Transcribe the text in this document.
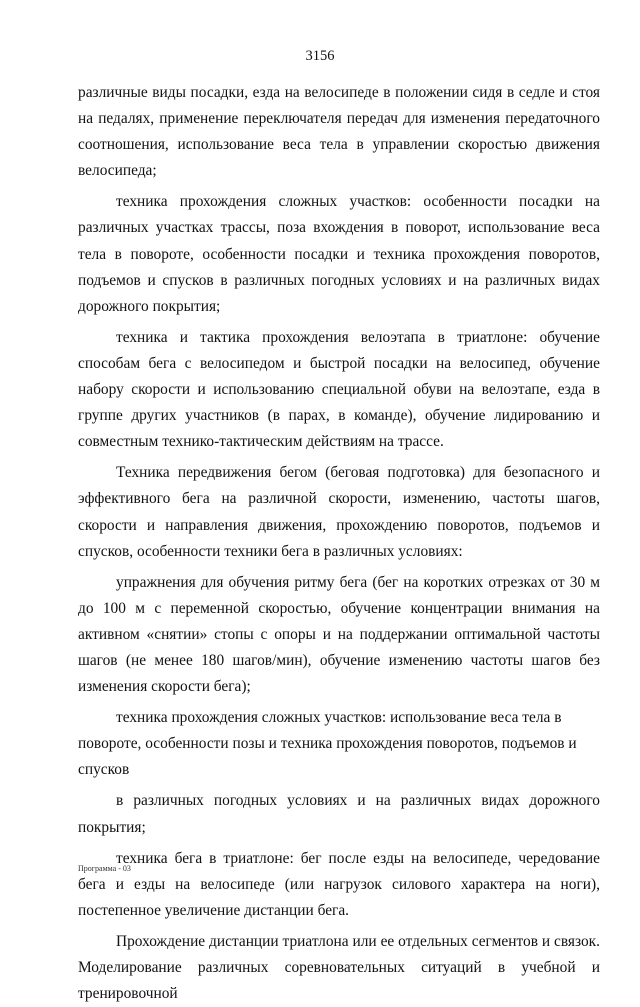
3156

различные виды посадки, езда на велосипеде в положении сидя в седле и стоя на педалях, применение переключателя передач для изменения передаточного соотношения, использование веса тела в управлении скоростью движения велосипеда;

техника прохождения сложных участков: особенности посадки на различных участках трассы, поза вхождения в поворот, использование веса тела в повороте, особенности посадки и техника прохождения поворотов, подъемов и спусков в различных погодных условиях и на различных видах дорожного покрытия;

техника и тактика прохождения велоэтапа в триатлоне: обучение способам бега с велосипедом и быстрой посадки на велосипед, обучение набору скорости и использованию специальной обуви на велоэтапе, езда в группе других участников (в парах, в команде), обучение лидированию и совместным технико-тактическим действиям на трассе.

Техника передвижения бегом (беговая подготовка) для безопасного и эффективного бега на различной скорости, изменению, частоты шагов, скорости и направления движения, прохождению поворотов, подъемов и спусков, особенности техники бега в различных условиях:

упражнения для обучения ритму бега (бег на коротких отрезках от 30 м до 100 м с переменной скоростью, обучение концентрации внимания на активном «снятии» стопы с опоры и на поддержании оптимальной частоты шагов (не менее 180 шагов/мин), обучение изменению частоты шагов без изменения скорости бега);

техника прохождения сложных участков: использование веса тела в повороте, особенности позы и техника прохождения поворотов, подъемов и спусков

в различных погодных условиях и на различных видах дорожного покрытия;

техника бега в триатлоне: бег после езды на велосипеде, чередование бега и езды на велосипеде (или нагрузок силового характера на ноги), постепенное увеличение дистанции бега.

Прохождение дистанции триатлона или ее отдельных сегментов и связок. Моделирование различных соревновательных ситуаций в учебной и тренировочной

Программа - 03
